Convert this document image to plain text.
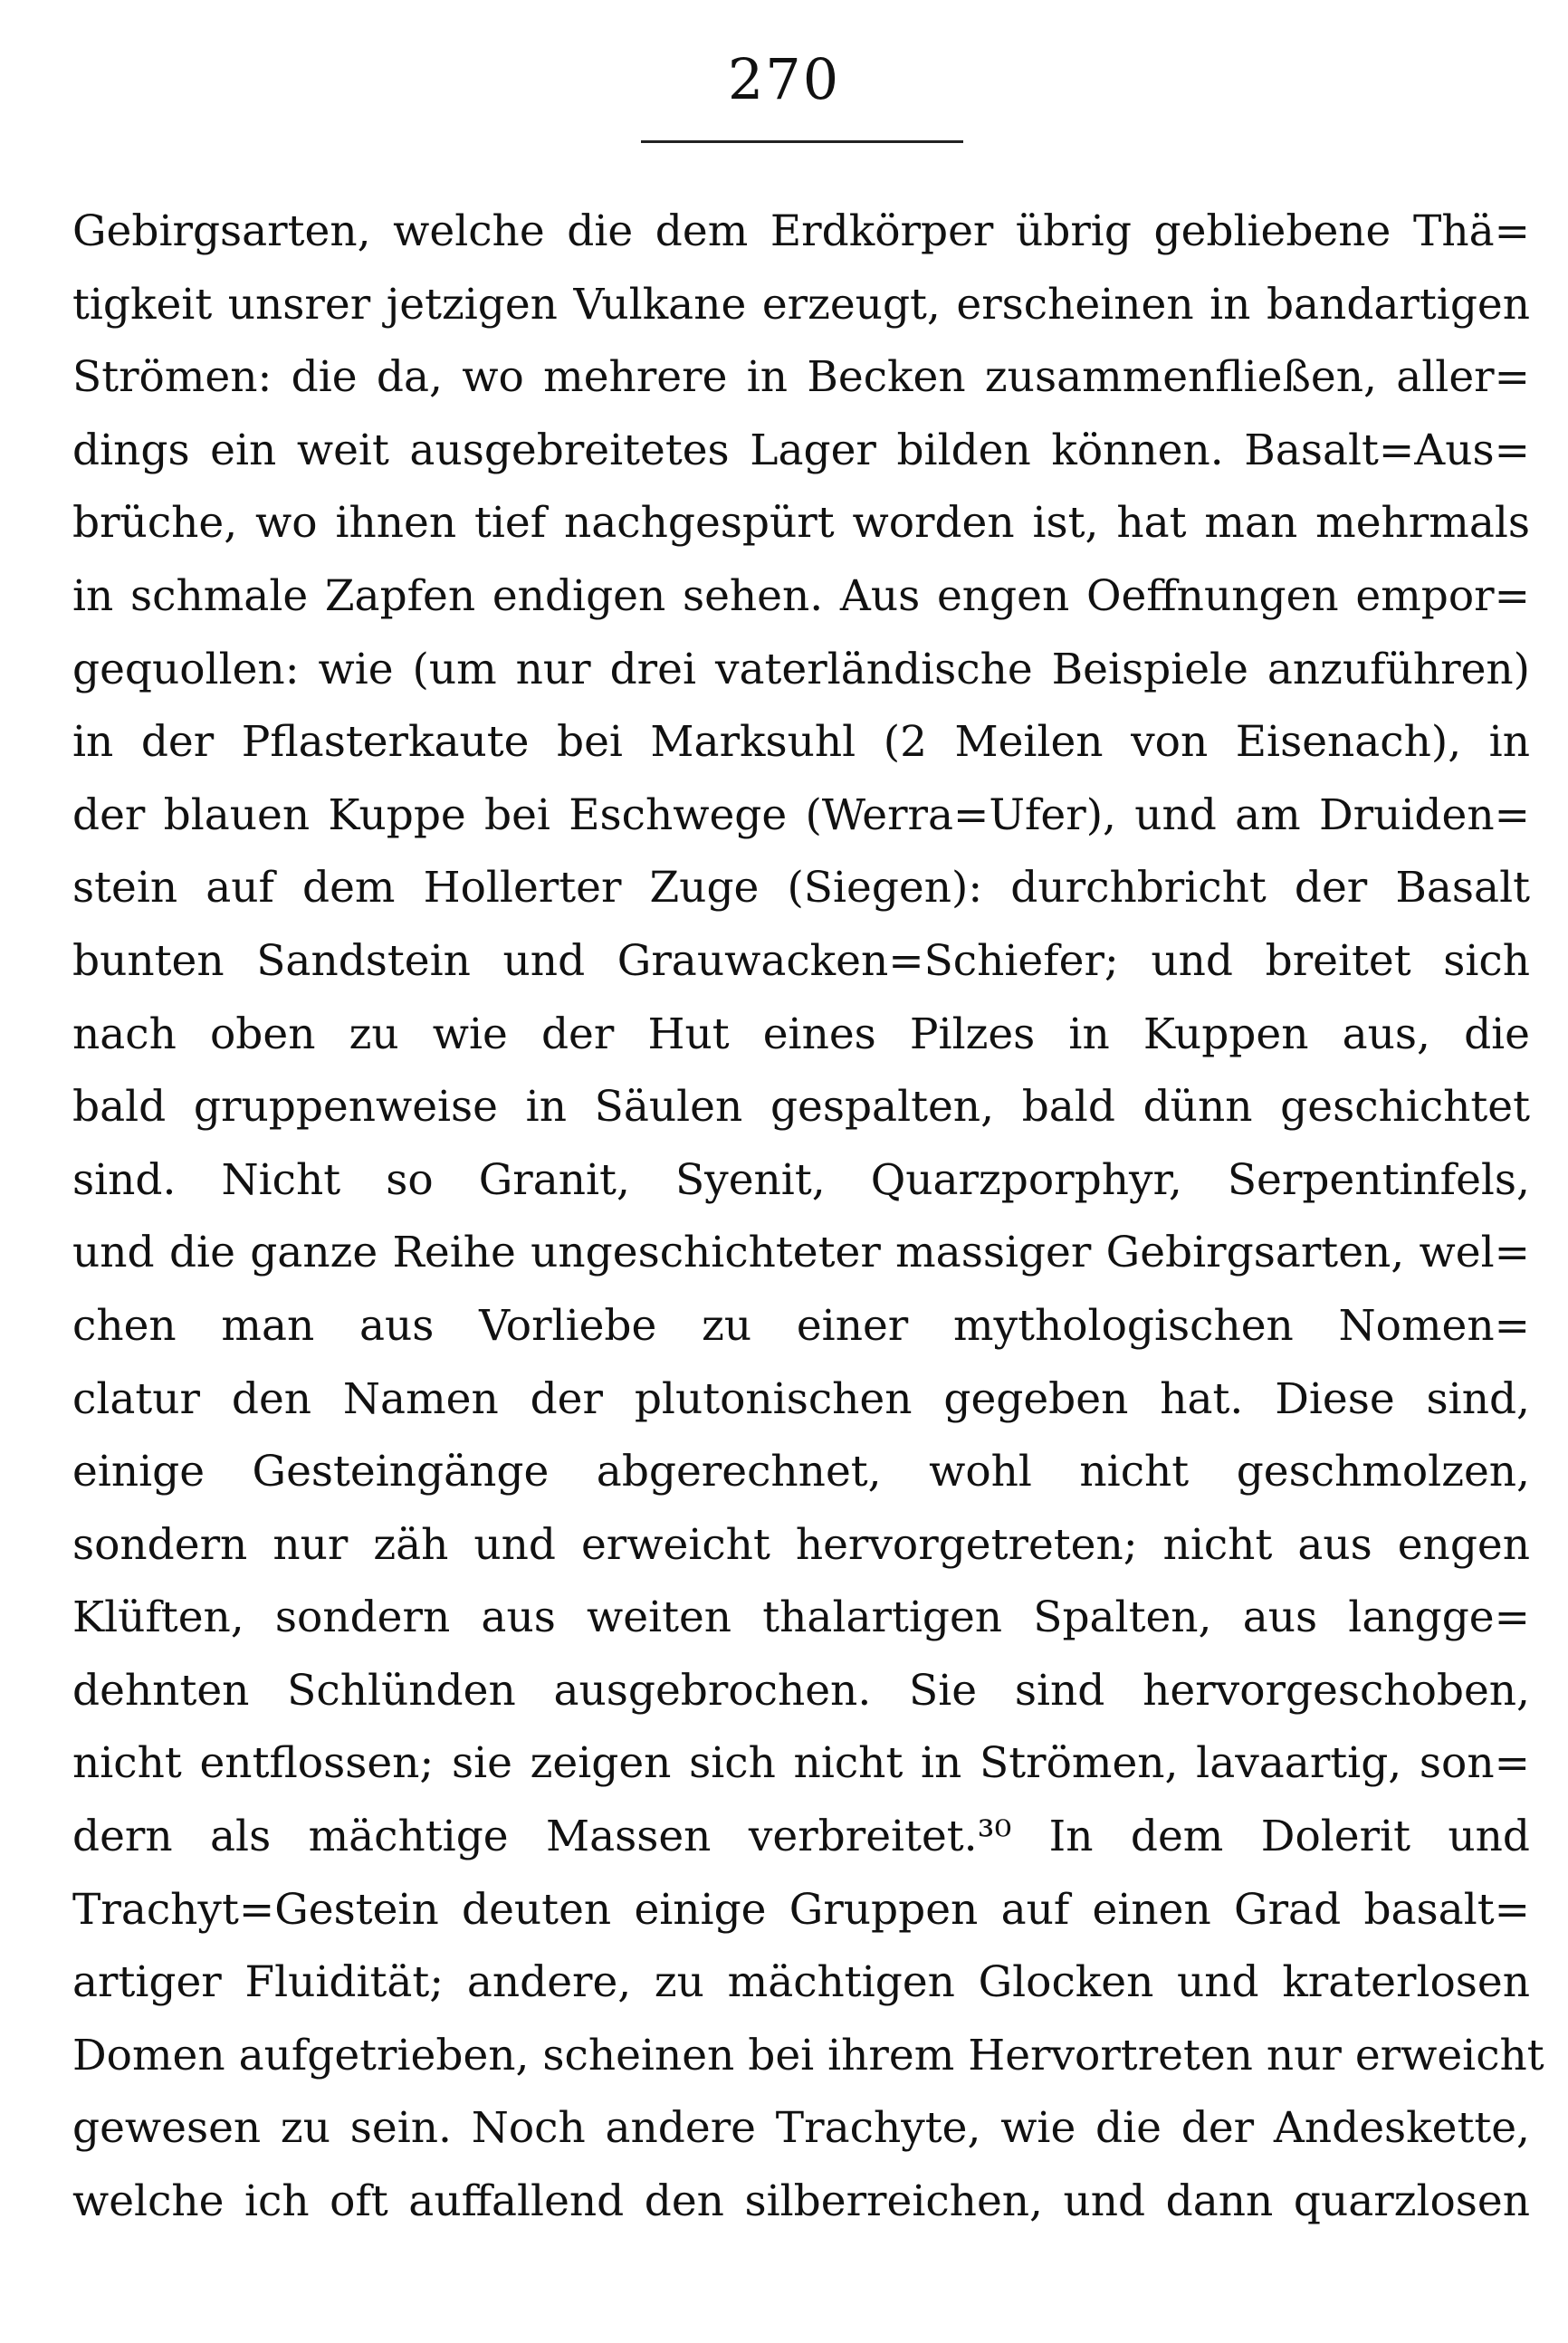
270
Gebirgsarten, welche die dem Erdkörper übrig gebliebene Thä=
tigkeit unsrer jetzigen Vulkane erzeugt, erscheinen in bandartigen
Strömen: die da, wo mehrere in Becken zusammenfließen, aller=
dings ein weit ausgebreitetes Lager bilden können. Basalt=Aus=
brüche, wo ihnen tief nachgespürt worden ist, hat man mehrmals
in schmale Zapfen endigen sehen. Aus engen Oeffnungen empor=
gequollen: wie (um nur drei vaterländische Beispiele anzuführen)
in der Pflasterkaute bei Marksuhl (2 Meilen von Eisenach), in
der blauen Kuppe bei Eschwege (Werra=Ufer), und am Druiden=
stein auf dem Hollerter Zuge (Siegen): durchbricht der Basalt
bunten Sandstein und Grauwacken=Schiefer; und breitet sich
nach oben zu wie der Hut eines Pilzes in Kuppen aus, die
bald gruppenweise in Säulen gespalten, bald dünn geschichtet
sind. Nicht so Granit, Syenit, Quarzporphyr, Serpentinfels,
und die ganze Reihe ungeschichteter massiger Gebirgsarten, wel=
chen man aus Vorliebe zu einer mythologischen Nomen=
clatur den Namen der plutonischen gegeben hat. Diese sind,
einige Gesteingänge abgerechnet, wohl nicht geschmolzen,
sondern nur zäh und erweicht hervorgetreten; nicht aus engen
Klüften, sondern aus weiten thalartigen Spalten, aus langge=
dehnten Schlünden ausgebrochen. Sie sind hervorgeschoben,
nicht entflossen; sie zeigen sich nicht in Strömen, lavaartig, son=
dern als mächtige Massen verbreitet.³⁰ In dem Dolerit und
Trachyt=Gestein deuten einige Gruppen auf einen Grad basalt=
artiger Fluidität; andere, zu mächtigen Glocken und kraterlosen
Domen aufgetrieben, scheinen bei ihrem Hervortreten nur erweicht
gewesen zu sein. Noch andere Trachyte, wie die der Andeskette,
welche ich oft auffallend den silberreichen, und dann quarzlosen
